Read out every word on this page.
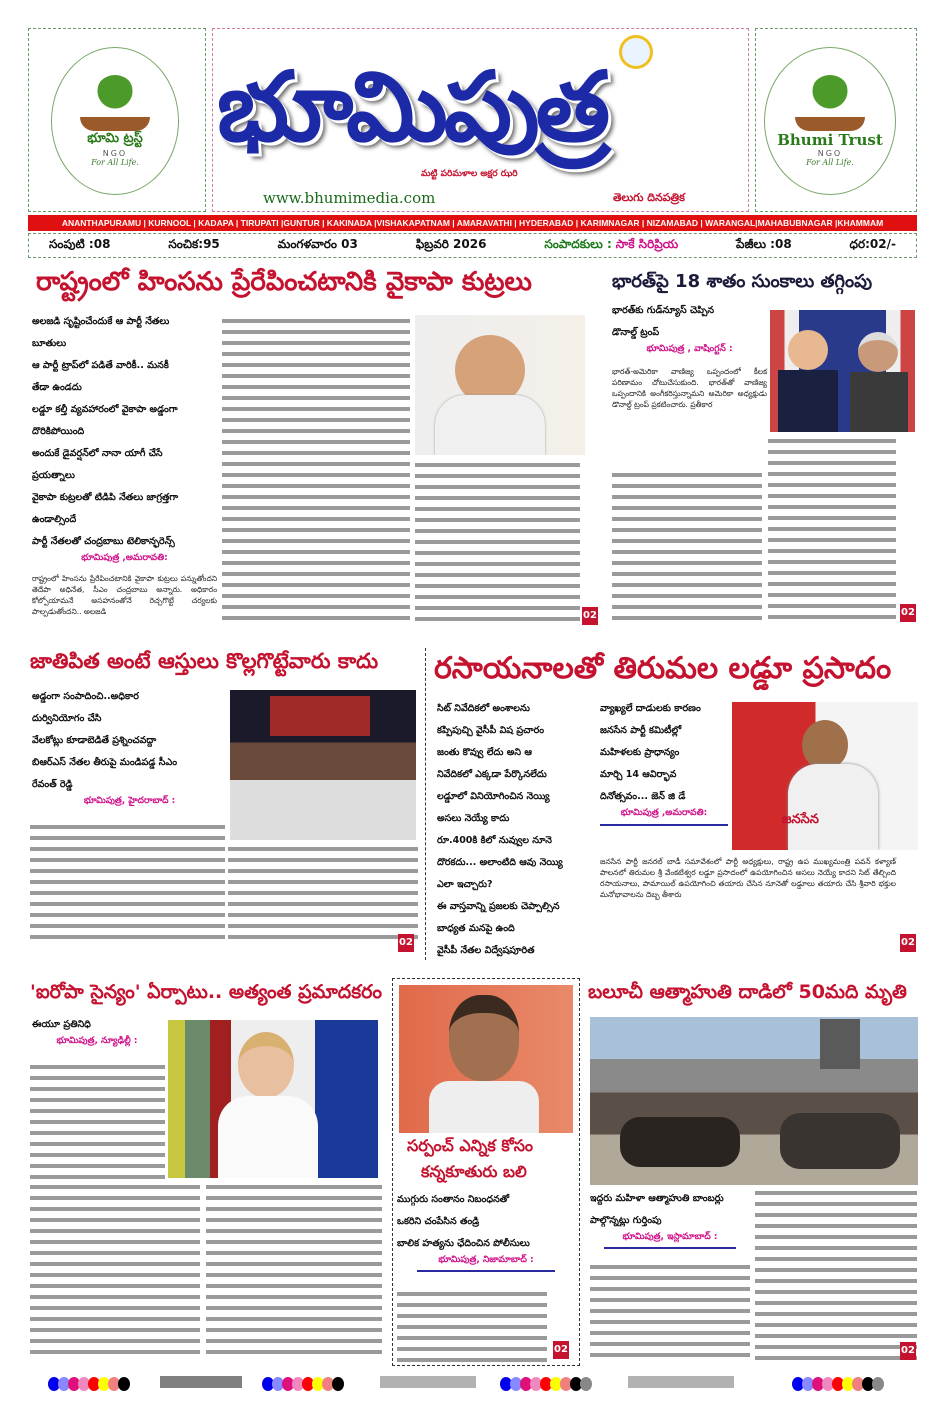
భూమి ట్రస్ట్
NGO
For All Life. భూమిపుత్ర
మట్టి పరిమళాల అక్షర ఝరి
www.bhumimedia.com	తెలుగు దినపత్రిక
Bhumi Trust
NGO
For All Life.
ANANTHAPURAMU | KURNOOL | KADAPA | TIRUPATI |GUNTUR | KAKINADA |VISHAKAPATNAM | AMARAVATHI | HYDERABAD | KARIMNAGAR | NIZAMABAD | WARANGAL|MAHABUBNAGAR |KHAMMAM
సంపుటి :08	సంచిక:95	మంగళవారం 03	ఫిబ్రవరి 2026	సంపాదకులు : సాకే సిరిప్రియ	పేజీలు :08	ధర:02/-
రాష్ట్రంలో హింసను ప్రేరేపించటానికి వైకాపా కుట్రలు
అలజడి సృష్టించేందుకే ఆ పార్టీ నేతలు
బూతులు
ఆ పార్టీ ట్రాప్‌లో పడితే వారికీ.. మనకీ
తేడా ఉండదు
లడ్డూ కల్తీ వ్యవహారంలో వైకాపా అడ్డంగా
దొరికిపోయింది
అందుకే డైవర్షన్‌లో నానా యాగీ చేసే
ప్రయత్నాలు
వైకాపా కుట్రలతో టిడిపి నేతలు జాగ్రత్తగా
ఉండాల్సిందే
పార్టీ నేతలతో చంద్రబాబు టెలికాన్ఫరెన్స్
భూమిపుత్ర ,అమరావతి:
రాష్ట్రంలో హింసను ప్రేరేపించటానికి వైకాపా కుట్రలు పన్నుతోందని తెదేపా అధినేత, సీఎం చంద్రబాబు అన్నారు. అధికారం కోల్పోయామనే అసహనంతోనే రెచ్చగొట్టే చర్యలకు పాల్పడుతోందని.. అలజడి	02
భారత్‌పై 18 శాతం సుంకాలు తగ్గింపు
భారత్‌కు గుడ్‌న్యూస్ చెప్పిన
డొనాల్డ్ ట్రంప్
భూమిపుత్ర , వాషింగ్టన్ :
భారత్-అమెరికా వాణిజ్య ఒప్పందంలో కీలక పరిణామం చోటుచేసుకుంది. భారత్‌తో వాణిజ్య ఒప్పందానికి అంగీకరిస్తున్నామని అమెరికా అధ్యక్షుడు డొనాల్డ్ ట్రంప్ ప్రకటించారు. ప్రతీకార
02
జాతిపిత అంటే ఆస్తులు కొల్లగొట్టేవారు కాదు
అడ్డంగా సంపాదించి..అధికార
దుర్వినియోగం చేసి
వేలకోట్లు కూడాబెడితే ప్రశ్నించవద్దా
బిఆర్ఎస్ నేతల తీరుపై మండిపడ్డ సీఎం
రేవంత్ రెడ్డి
భూమిపుత్ర, హైదరాబాద్ :
02
రసాయనాలతో తిరుమల లడ్డూ ప్రసాదం
సిట్ నివేదికలో అంశాలను
కప్పిపుచ్చి వైసీపీ విష ప్రచారం
జంతు కొవ్వు లేదు అని ఆ
నివేదికలో ఎక్కడా పేర్కొనలేదు
లడ్డూలో వినియోగించిన నెయ్యి
అసలు నెయ్యే కాదు
రూ.400కి కిలో నువ్వుల నూనె
దొరకదు... అలాంటిది ఆవు నెయ్యి
ఎలా ఇచ్చారు?
ఈ వాస్తవాన్ని ప్రజలకు చెప్పాల్సిన
బాధ్యత మనపై ఉంది
వైసీపీ నేతల విద్వేషపూరిత
వ్యాఖ్యలే దాడులకు కారణం
జనసేన పార్టీ కమిటీల్లో
మహిళలకు ప్రాధాన్యం
మార్చి 14 ఆవిర్భావ
దినోత్సవం... జెన్ జి డే
భూమిపుత్ర ,అమరావతి:
జనసేన పార్టీ జనరల్ బాడీ సమావేశంలో పార్టీ అధ్యక్షులు, రాష్ట్ర ఉప ముఖ్యమంత్రి పవన్ కళ్యాణ్ పాలనలో తిరుమల శ్రీ వేంకటేశ్వర లడ్డూ ప్రసాదంలో ఉపయోగించిన అసలు నెయ్యే కాదని సిట్ తేల్చింది రసాయనాలు, పామాయిల్ ఉపయోగించి తయారు చేసిన నూనెతో లడ్డూలు తయారు చేసి శ్రీవారి భక్తుల మనోభావాలను దెబ్బ తీశారు
జనసేన
02
'ఐరోపా సైన్యం' ఏర్పాటు.. అత్యంత ప్రమాదకరం
ఈయూ ప్రతినిధి
భూమిపుత్ర, న్యూఢిల్లీ :
సర్పంచ్ ఎన్నిక కోసం
కన్నకూతురు బలి
ముగ్గురు సంతానం నిబంధనతో
ఒకరిని చంపేసిన తండ్రి
బాలిక హత్యను ఛేదించిన పోలీసులు
భూమిపుత్ర, నిజామాబాద్ :
02
బలూచీ ఆత్మాహుతి దాడిలో 50మది మృతి
ఇద్దరు మహిళా ఆత్మాహుతి బాంబర్లు
పాల్గొన్నట్లు గుర్తింపు
భూమిపుత్ర, ఇస్లామాబాద్ :
02
